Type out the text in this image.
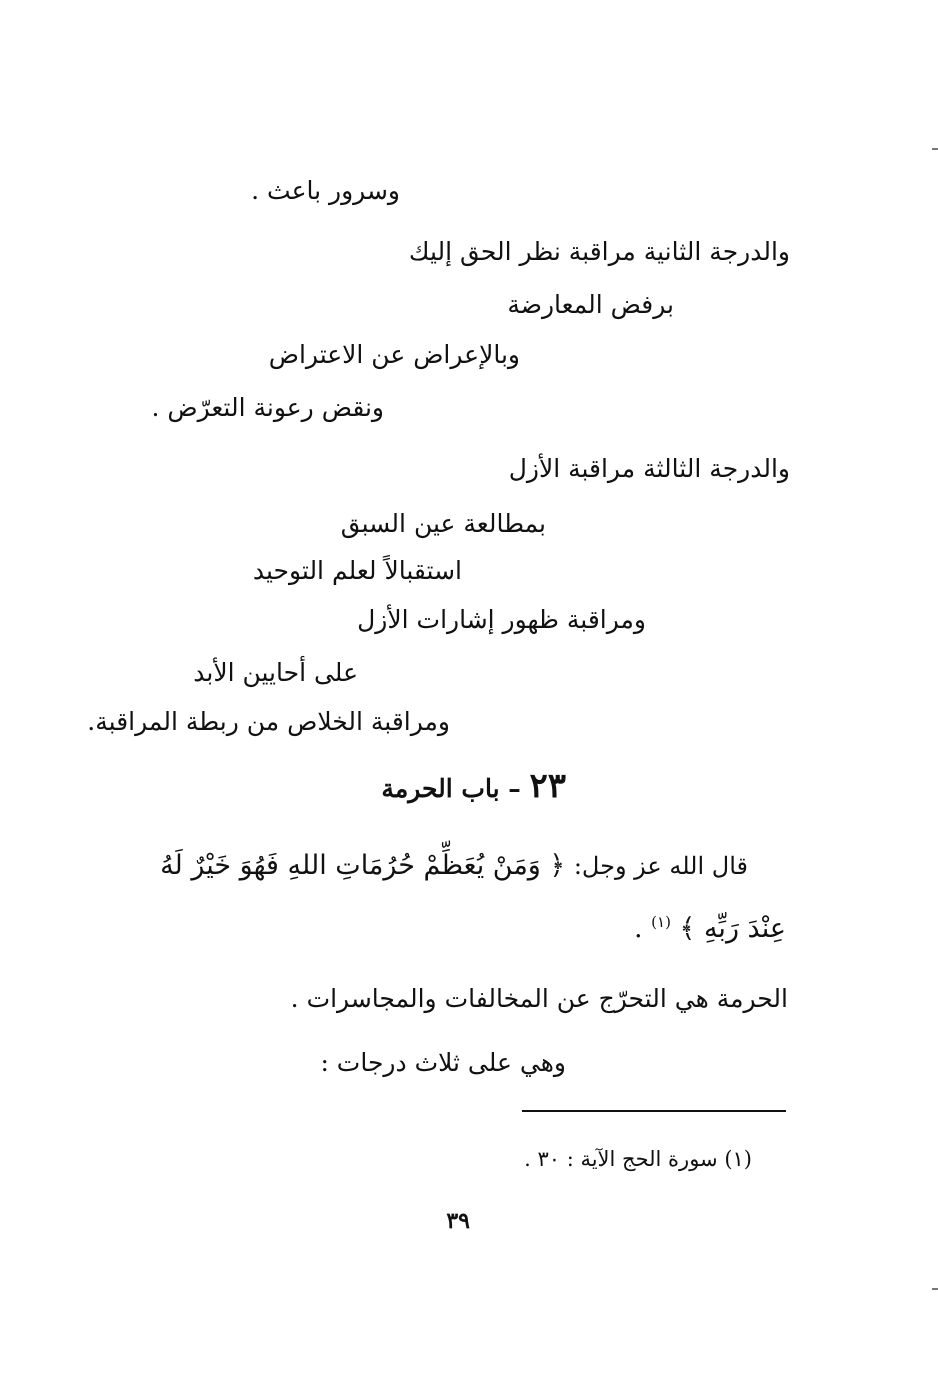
وسرور باعث .
والدرجة الثانية مراقبة نظر الحق إليك
برفض المعارضة
وبالإعراض عن الاعتراض
ونقض رعونة التعرّض .
والدرجة الثالثة مراقبة الأزل
بمطالعة عين السبق
استقبالاً لعلم التوحيد
ومراقبة ظهور إشارات الأزل
على أحايين الأبد
ومراقبة الخلاص من ربطة المراقبة.
٢٣ – باب الحرمة
قال الله عز وجل: ﴿ وَمَنْ يُعَظِّمْ حُرُمَاتِ اللهِ فَهُوَ خَيْرٌ لَهُ
عِنْدَ رَبِّهِ ﴾ $^{(١)}$ .
الحرمة هي التحرّج عن المخالفات والمجاسرات .
وهي على ثلاث درجات :
(١) سورة الحج الآية : ٣٠ .
٣٩
